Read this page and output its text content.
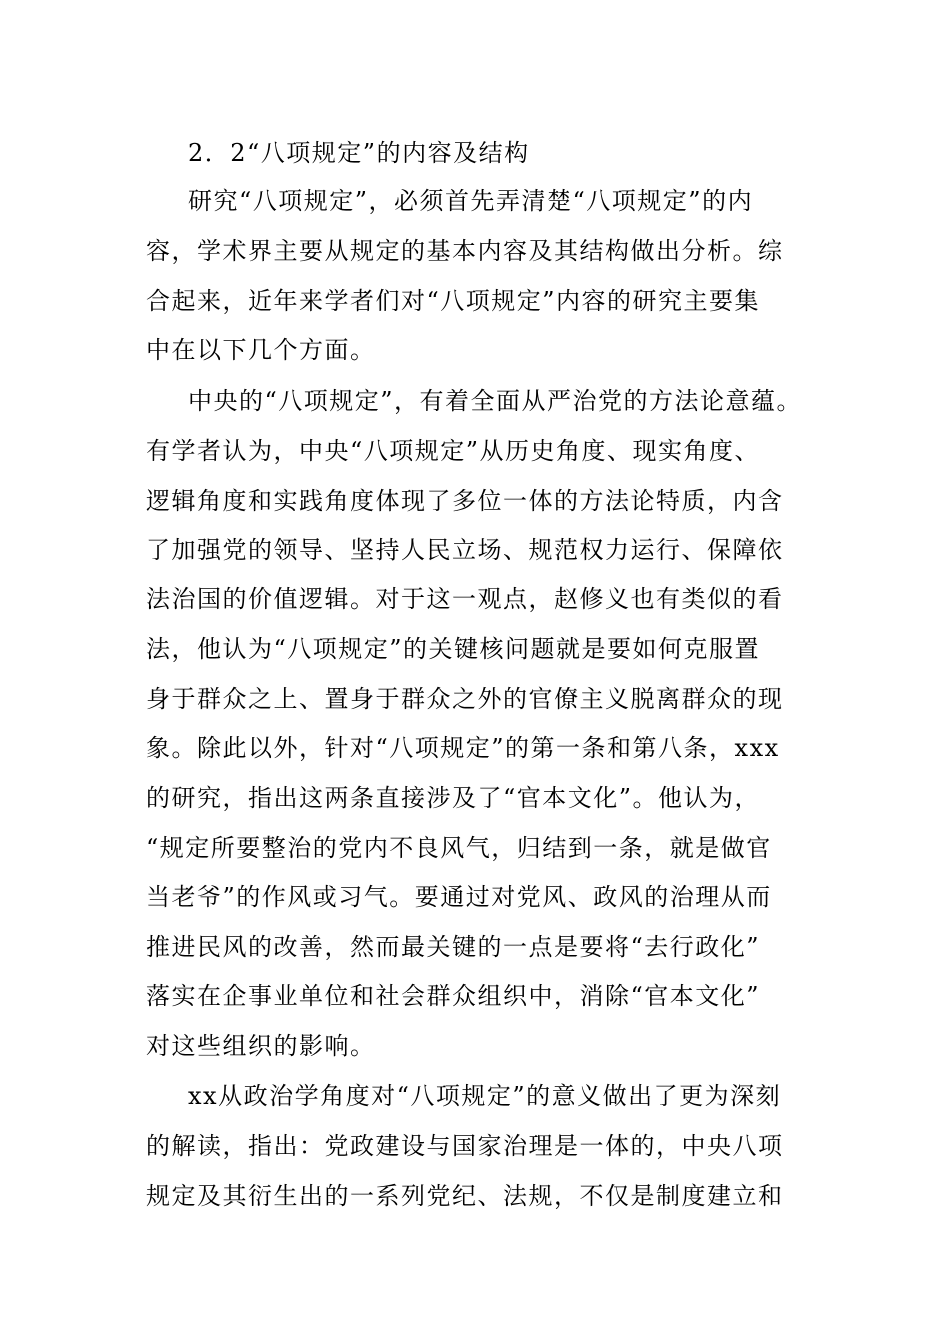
2．2“八项规定”的内容及结构
研究“八项规定”，必须首先弄清楚“八项规定”的内
容，学术界主要从规定的基本内容及其结构做出分析。综
合起来，近年来学者们对“八项规定”内容的研究主要集
中在以下几个方面。
中央的“八项规定”，有着全面从严治党的方法论意蕴。
有学者认为，中央“八项规定”从历史角度、现实角度、
逻辑角度和实践角度体现了多位一体的方法论特质，内含
了加强党的领导、坚持人民立场、规范权力运行、保障依
法治国的价值逻辑。对于这一观点，赵修义也有类似的看
法，他认为“八项规定”的关键核问题就是要如何克服置
身于群众之上、置身于群众之外的官僚主义脱离群众的现
象。除此以外，针对“八项规定”的第一条和第八条，xxx
的研究，指出这两条直接涉及了“官本文化”。他认为，
“规定所要整治的党内不良风气，归结到一条，就是做官
当老爷”的作风或习气。要通过对党风、政风的治理从而
推进民风的改善，然而最关键的一点是要将“去行政化”
落实在企事业单位和社会群众组织中，消除“官本文化”
对这些组织的影响。
xx从政治学角度对“八项规定”的意义做出了更为深刻
的解读，指出：党政建设与国家治理是一体的，中央八项
规定及其衍生出的一系列党纪、法规，不仅是制度建立和
